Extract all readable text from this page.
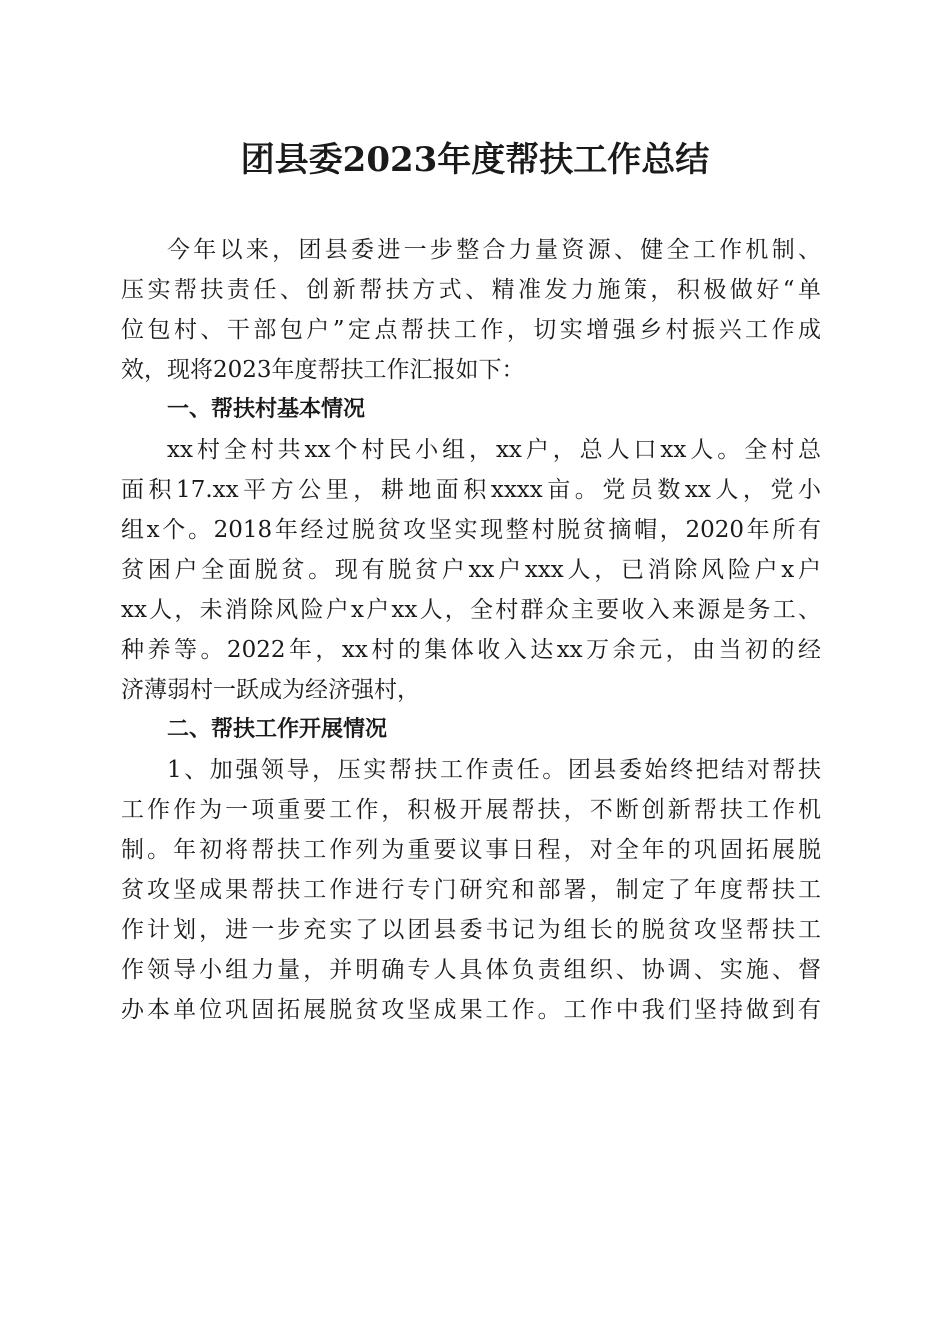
团县委2023年度帮扶工作总结
今年以来，团县委进一步整合力量资源、健全工作机制、
压实帮扶责任、创新帮扶方式、精准发力施策，积极做好“单
位包村、干部包户”定点帮扶工作，切实增强乡村振兴工作成
效，现将2023年度帮扶工作汇报如下：
一、帮扶村基本情况
xx村全村共xx个村民小组，xx户，总人口xx人。全村总
面积17.xx平方公里，耕地面积xxxx亩。党员数xx人，党小
组x个。2018年经过脱贫攻坚实现整村脱贫摘帽，2020年所有
贫困户全面脱贫。现有脱贫户xx户xxx人，已消除风险户x户
xx人，未消除风险户x户xx人，全村群众主要收入来源是务工、
种养等。2022年，xx村的集体收入达xx万余元，由当初的经
济薄弱村一跃成为经济强村，
二、帮扶工作开展情况
1、加强领导，压实帮扶工作责任。团县委始终把结对帮扶
工作作为一项重要工作，积极开展帮扶，不断创新帮扶工作机
制。年初将帮扶工作列为重要议事日程，对全年的巩固拓展脱
贫攻坚成果帮扶工作进行专门研究和部署，制定了年度帮扶工
作计划，进一步充实了以团县委书记为组长的脱贫攻坚帮扶工
作领导小组力量，并明确专人具体负责组织、协调、实施、督
办本单位巩固拓展脱贫攻坚成果工作。工作中我们坚持做到有
